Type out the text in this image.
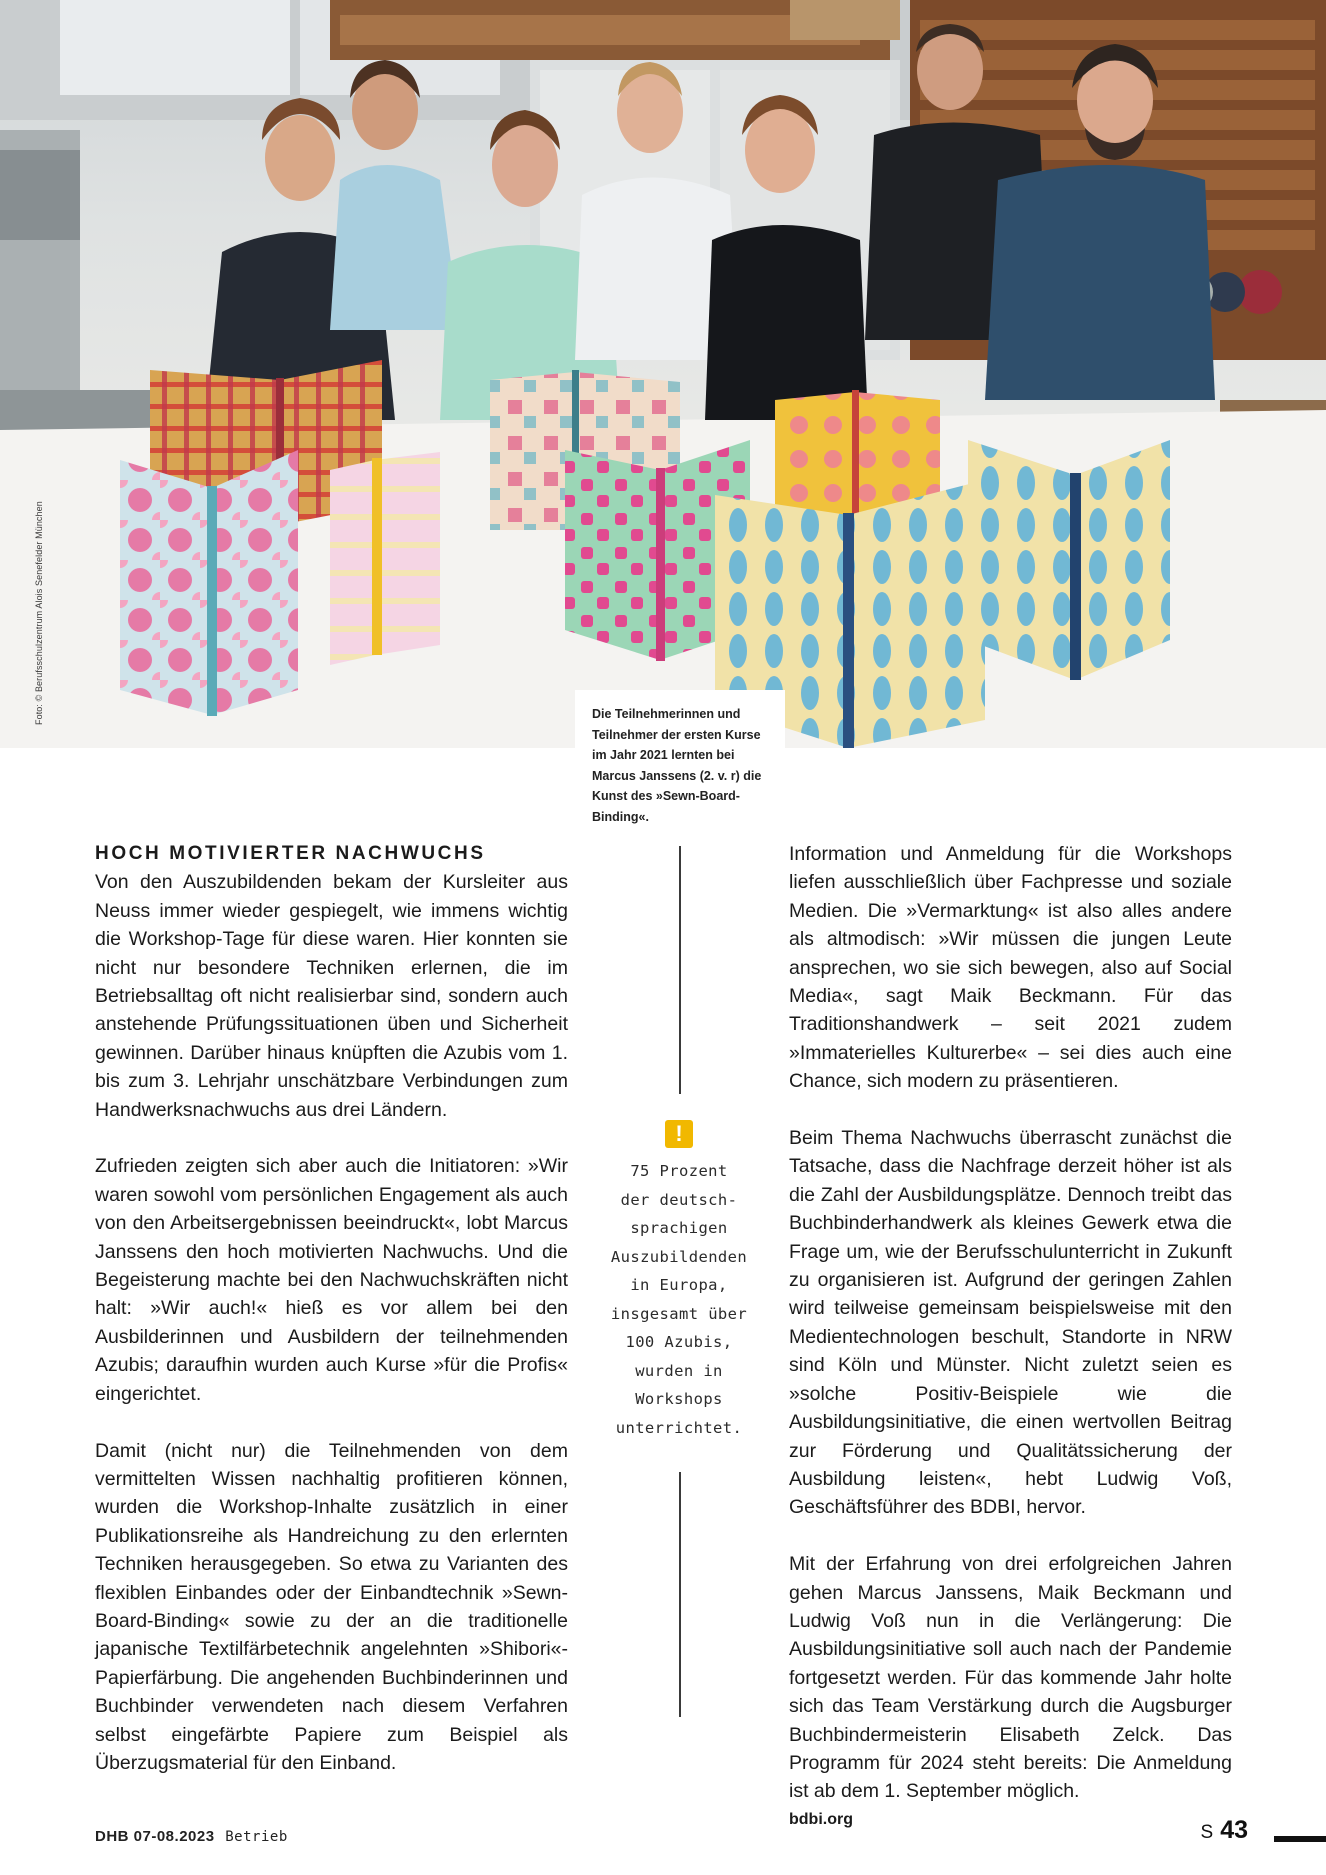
Foto: © Berufsschulzentrum Alois Senefelder München	Die Teilnehmerinnen und Teilnehmer der ersten Kurse im Jahr 2021 lernten bei Marcus Janssens (2. v. r) die Kunst des »Sewn-Board-Binding«.
HOCH MOTIVIERTER NACHWUCHS

Von den Auszubildenden bekam der Kursleiter aus Neuss immer wieder gespiegelt, wie immens wichtig die Workshop-Tage für diese waren. Hier konnten sie nicht nur besondere Techniken erlernen, die im Betriebsalltag oft nicht realisierbar sind, sondern auch anstehende Prüfungssituationen üben und Sicherheit gewinnen. Darüber hinaus knüpften die Azubis vom 1. bis zum 3. Lehrjahr unschätzbare Verbindungen zum Handwerksnachwuchs aus drei Ländern.

Zufrieden zeigten sich aber auch die Initiatoren: »Wir waren sowohl vom persönlichen Engagement als auch von den Arbeitsergebnissen beeindruckt«, lobt Marcus Janssens den hoch motivierten Nachwuchs. Und die Begeisterung machte bei den Nachwuchskräften nicht halt: »Wir auch!« hieß es vor allem bei den Ausbilderinnen und Ausbildern der teilnehmenden Azubis; daraufhin wurden auch Kurse »für die Profis« eingerichtet.

Damit (nicht nur) die Teilnehmenden von dem vermittelten Wissen nachhaltig profitieren können, wurden die Workshop-Inhalte zusätzlich in einer Publikationsreihe als Handreichung zu den erlernten Techniken herausgegeben. So etwa zu Varianten des flexiblen Einbandes oder der Einbandtechnik »Sewn-Board-Binding« sowie zu der an die traditionelle japanische Textilfärbetechnik angelehnten »Shibori«-Papierfärbung. Die angehenden Buchbinderinnen und Buchbinder verwendeten nach diesem Verfahren selbst eingefärbte Papiere zum Beispiel als Überzugsmaterial für den Einband.

!
75 Prozent
der deutsch-
sprachigen
Auszubildenden
in Europa,
insgesamt über
100 Azubis,
wurden in
Workshops
unterrichtet.

Information und Anmeldung für die Workshops liefen ausschließlich über Fachpresse und soziale Medien. Die »Vermarktung« ist also alles andere als altmodisch: »Wir müssen die jungen Leute ansprechen, wo sie sich bewegen, also auf Social Media«, sagt Maik Beckmann. Für das Traditionshandwerk – seit 2021 zudem »Immaterielles Kulturerbe« – sei dies auch eine Chance, sich modern zu präsentieren.

Beim Thema Nachwuchs überrascht zunächst die Tatsache, dass die Nachfrage derzeit höher ist als die Zahl der Ausbildungsplätze. Dennoch treibt das Buchbinderhandwerk als kleines Gewerk etwa die Frage um, wie der Berufsschulunterricht in Zukunft zu organisieren ist. Aufgrund der geringen Zahlen wird teilweise gemeinsam beispielsweise mit den Medientechnologen beschult, Standorte in NRW sind Köln und Münster. Nicht zuletzt seien es »solche Positiv-Beispiele wie die Ausbildungsinitiative, die einen wertvollen Beitrag zur Förderung und Qualitätssicherung der Ausbildung leisten«, hebt Ludwig Voß, Geschäftsführer des BDBI, hervor.

Mit der Erfahrung von drei erfolgreichen Jahren gehen Marcus Janssens, Maik Beckmann und Ludwig Voß nun in die Verlängerung: Die Ausbildungsinitiative soll auch nach der Pandemie fortgesetzt werden. Für das kommende Jahr holte sich das Team Verstärkung durch die Augsburger Buchbindermeisterin Elisabeth Zelck. Das Programm für 2024 steht bereits: Die Anmeldung ist ab dem 1. September möglich.

bdbi.org
DHB 07-08.2023 Betrieb	S 43
